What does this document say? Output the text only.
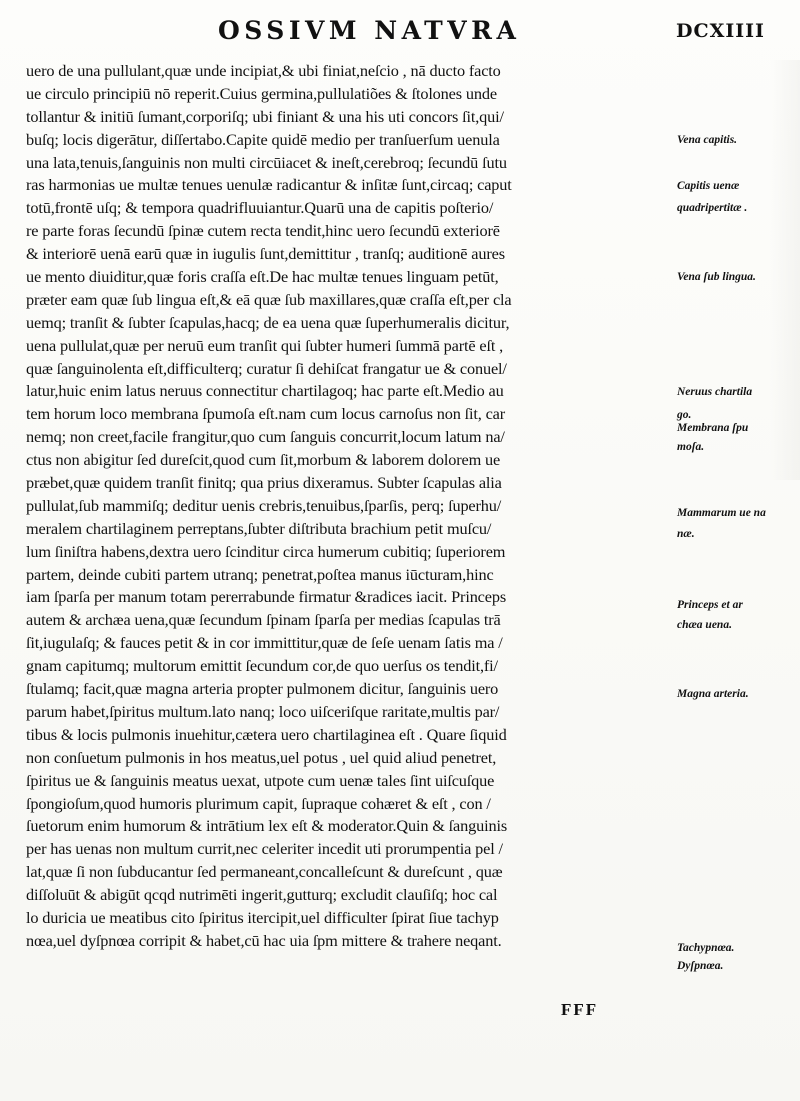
OSSIVM NATVRA	DCXIIII
uero de una pullulant,quæ unde incipiat,& ubi finiat,neſcio , nā ducto facto
ue circulo principiū nō reperit.Cuius germina,pullulatiões & ſtolones unde
tollantur & initiū ſumant,corporiſq; ubi finiant & una his uti concors ſit,qui/
buſq; locis digerātur, diſſertabo.Capite quidē medio per tranſuerſum uenula
una lata,tenuis,ſanguinis non multi circūiacet & ineſt,cerebroq; ſecundū ſutu
ras harmonias ue multæ tenues uenulæ radicantur & inſitæ ſunt,circaq; caput
totū,frontē uſq; & tempora quadrifluuiantur.Quarū una de capitis poſterio/
re parte foras ſecundū ſpinæ cutem recta tendit,hinc uero ſecundū exteriorē
& interiorē uenā earū quæ in iugulis ſunt,demittitur , tranſq; auditionē aures
ue mento diuiditur,quæ foris craſſa eſt.De hac multæ tenues linguam petūt,
præter eam quæ ſub lingua eſt,& eā quæ ſub maxillares,quæ craſſa eſt,per cla
uemq; tranſit & ſubter ſcapulas,hacq; de ea uena quæ ſuperhumeralis dicitur,
uena pullulat,quæ per neruū eum tranſit qui ſubter humeri ſummā partē eſt ,
quæ ſanguinolenta eſt,difficulterq; curatur ſi dehiſcat frangatur ue & conuel/
latur,huic enim latus neruus connectitur chartilagoq; hac parte eſt.Medio au
tem horum loco membrana ſpumoſa eſt.nam cum locus carnoſus non ſit, car
nemq; non creet,facile frangitur,quo cum ſanguis concurrit,locum latum na/
ctus non abigitur ſed dureſcit,quod cum ſit,morbum & laborem dolorem ue
præbet,quæ quidem tranſit finitq; qua prius dixeramus. Subter ſcapulas alia
pullulat,ſub mammiſq; deditur uenis crebris,tenuibus,ſparſis, perq; ſuperhu/
meralem chartilaginem perreptans,ſubter diſtributa brachium petit muſcu/
lum ſiniſtra habens,dextra uero ſcinditur circa humerum cubitiq; ſuperiorem
partem, deinde cubiti partem utranq; penetrat,poſtea manus iūcturam,hinc
iam ſparſa per manum totam pererrabunde firmatur &radices iacit. Princeps
autem & archæa uena,quæ ſecundum ſpinam ſparſa per medias ſcapulas trā
ſit,iugulaſq; & fauces petit & in cor immittitur,quæ de ſeſe uenam ſatis ma /
gnam capitumq; multorum emittit ſecundum cor,de quo uerſus os tendit,fi/
ſtulamq; facit,quæ magna arteria propter pulmonem dicitur, ſanguinis uero
parum habet,ſpiritus multum.lato nanq; loco uiſceriſque raritate,multis par/
tibus & locis pulmonis inuehitur,cætera uero chartilaginea eſt . Quare ſiquid
non conſuetum pulmonis in hos meatus,uel potus , uel quid aliud penetret,
ſpiritus ue & ſanguinis meatus uexat, utpote cum uenæ tales ſint uiſcuſque
ſpongioſum,quod humoris plurimum capit, ſupraque cohæret & eſt , con /
ſuetorum enim humorum & intrātium lex eſt & moderator.Quin & ſanguinis
per has uenas non multum currit,nec celeriter incedit uti prorumpentia pel /
lat,quæ ſi non ſubducantur ſed permaneant,concalleſcunt & dureſcunt , quæ
diſſoluūt & abigūt qcqd nutrimēti ingerit,gutturq; excludit clauſiſq; hoc cal
lo duricia ue meatibus cito ſpiritus itercipit,uel difficulter ſpirat ſiue tachyp
nœa,uel dyſpnœa corripit & habet,cū hac uia ſpm mittere & trahere neqant.
Vena capitis.
Capitis uenæ
quadripertitæ .
Vena ſub lingua.
Neruus chartila
go.
Membrana ſpu
moſa.
Mammarum ue na
næ.
Princeps et ar
chæa uena.
Magna arteria.
Tachypnœa.
Dyſpnœa.
FFF
